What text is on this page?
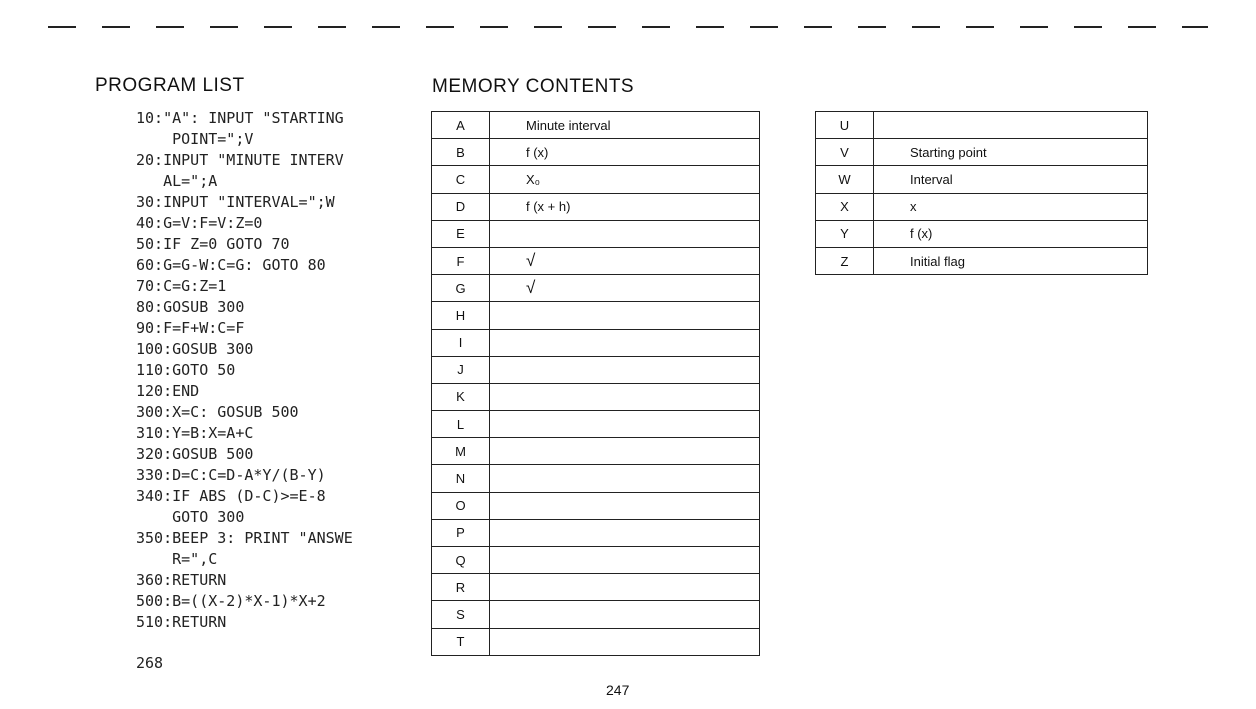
PROGRAM LIST	MEMORY CONTENTS
10:"A": INPUT "STARTING
POINT=";V
20:INPUT "MINUTE INTERV
AL=";A
30:INPUT "INTERVAL=";W
40:G=V:F=V:Z=0
50:IF Z=0 GOTO 70
60:G=G-W:C=G: GOTO 80
70:C=G:Z=1
80:GOSUB 300
90:F=F+W:C=F
100:GOSUB 300
110:GOTO 50
120:END
300:X=C: GOSUB 500
310:Y=B:X=A+C
320:GOSUB 500
330:D=C:C=D-A*Y/(B-Y)
340:IF ABS (D-C)>=E-8
GOTO 300
350:BEEP 3: PRINT "ANSWE
R=",C
360:RETURN
500:B=((X-2)*X-1)*X+2
510:RETURN
268
A	Minute interval
B	f (x)
C	X₀
D	f (x + h)
E	
F	√
G	√
H	
I	
J	
K	
L	
M	
N	
O	
P	
Q	
R	
S	
T	
U	
V	Starting point
W	Interval
X	x
Y	f (x)
Z	Initial flag
247
